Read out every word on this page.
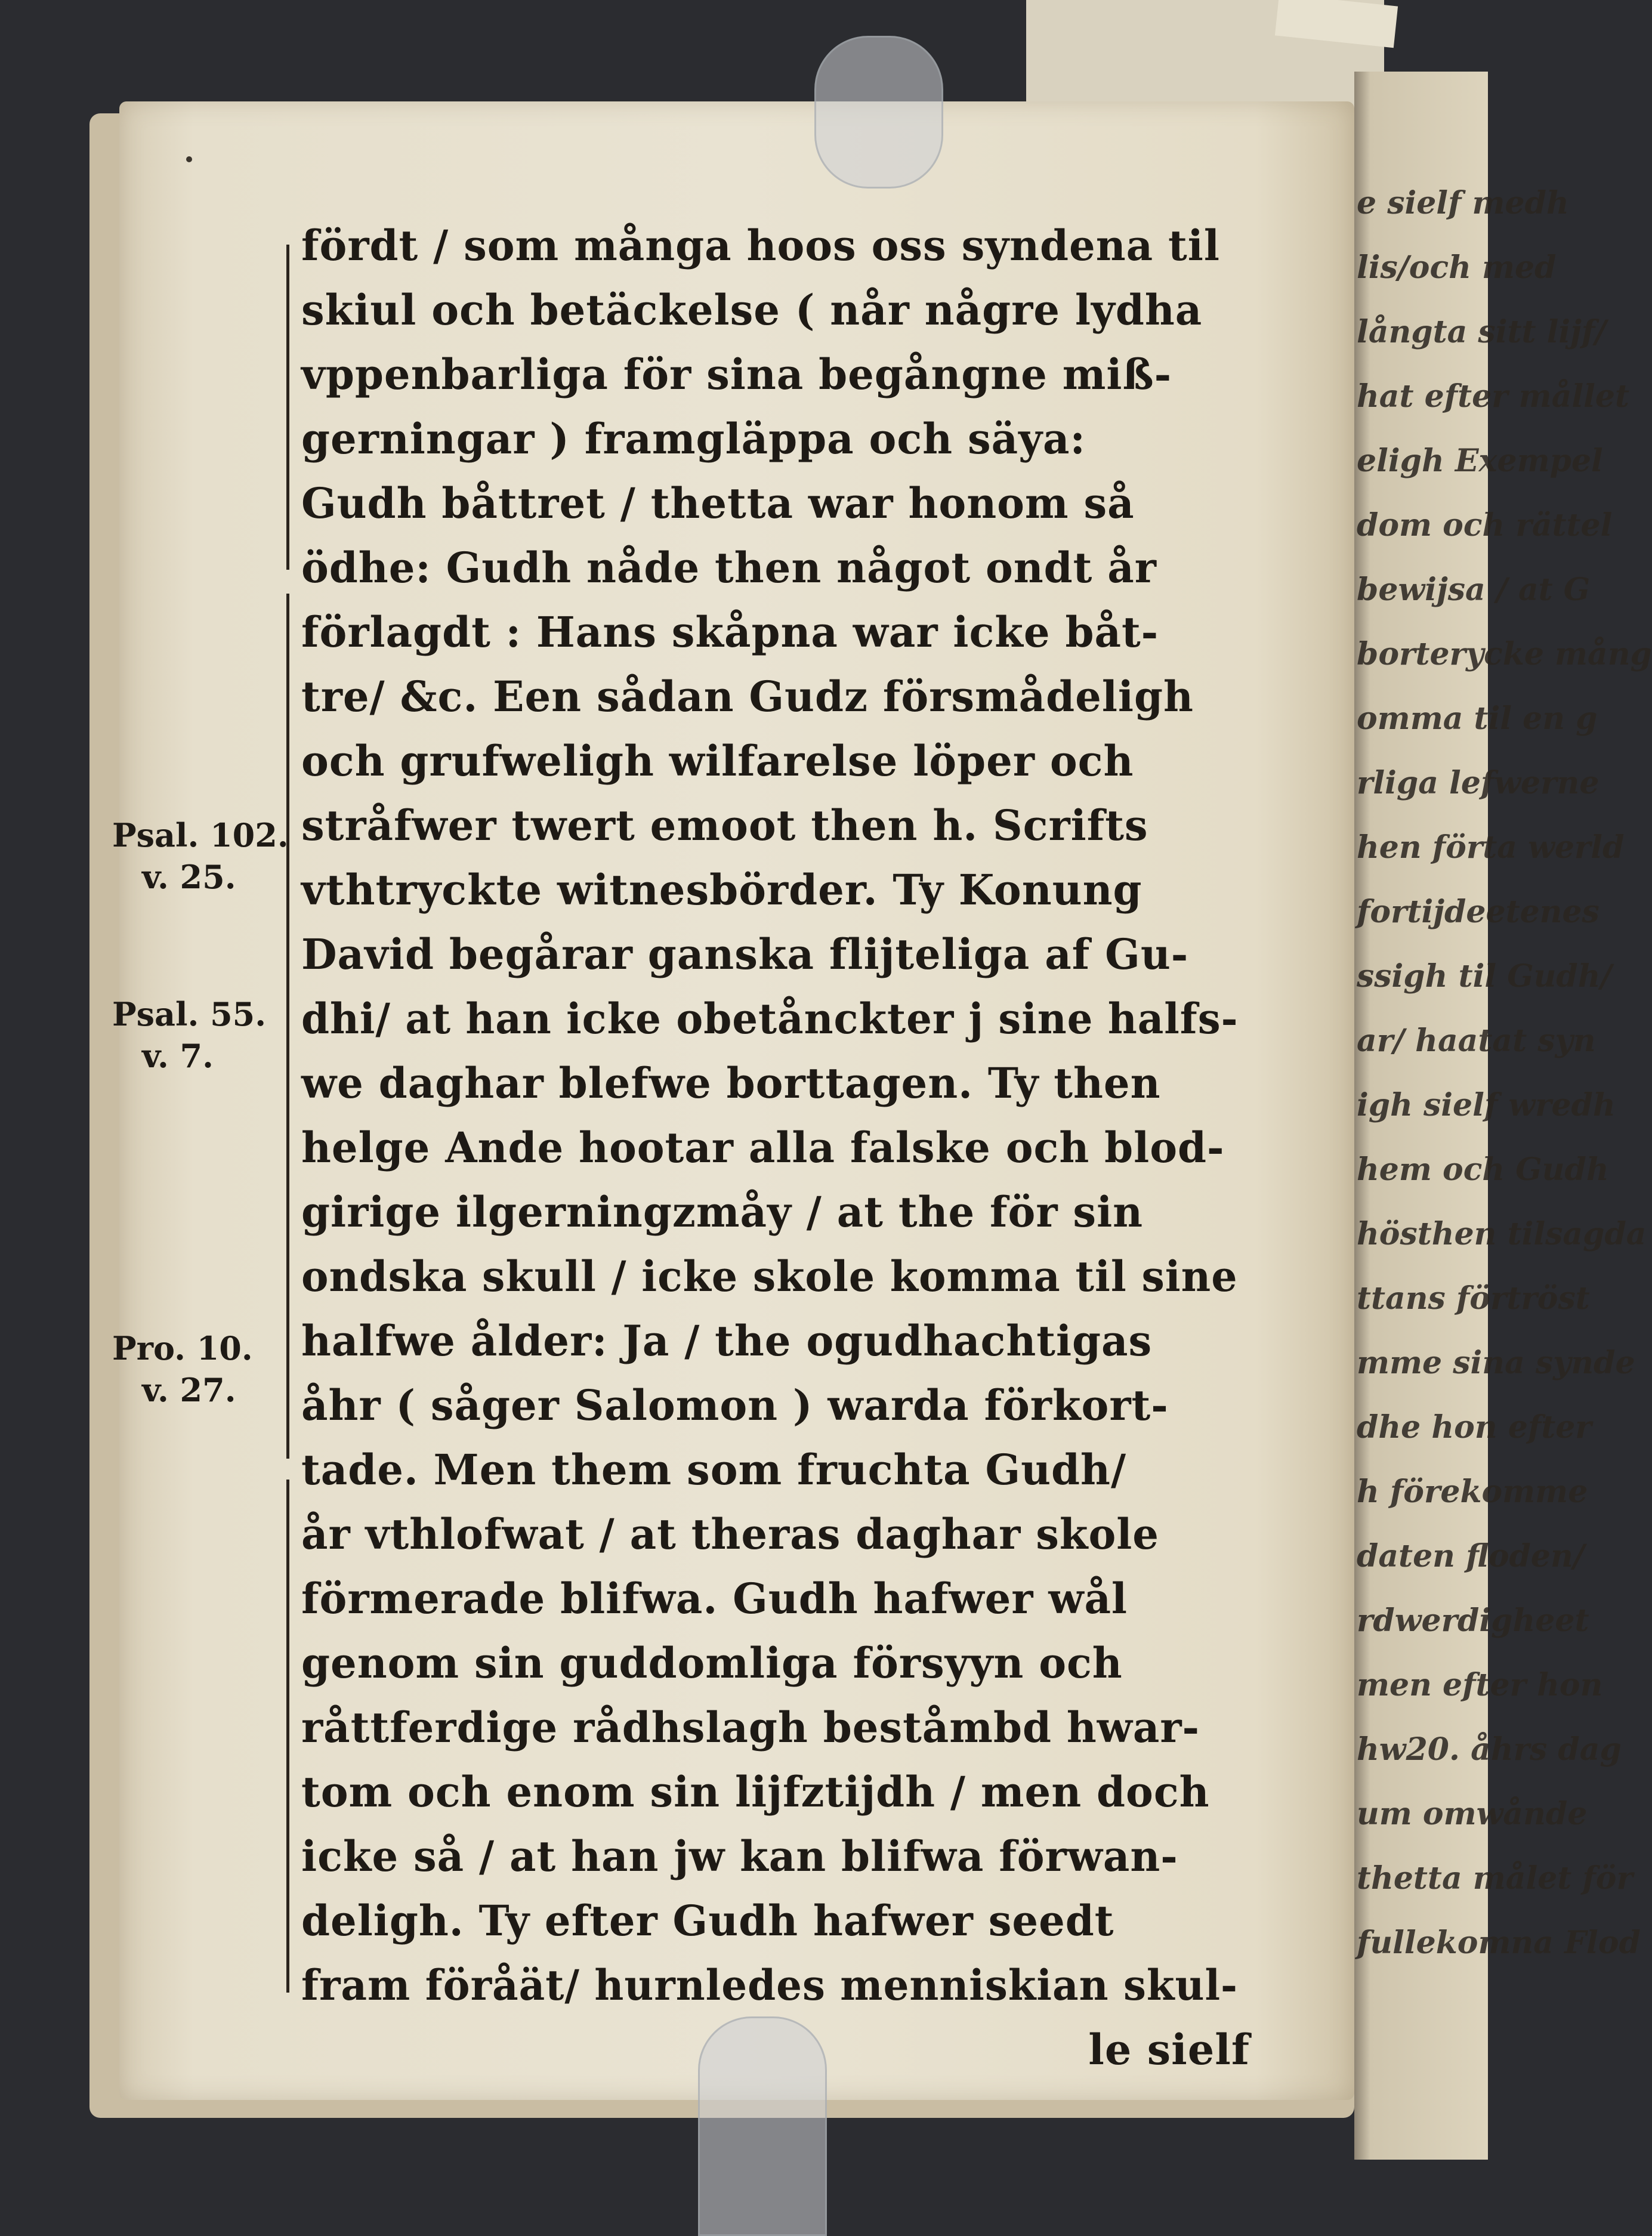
e sielf medh
lis/och med
långta sitt lijf/
hat efter mållet
eligh Exempel
dom och rättel
bewijsa / at G
borterycke mång
omma til en g
rliga lefwerne
hen förta werld
fortijdeetenes
ssigh til Gudh/
ar/ haatat syn
igh sielf wredh
hem och Gudh
hösthen tilsagda
ttans förtröst
mme sina synde
dhe hon efter
h förekomme
daten floden/
rdwerdigheet
men efter hon
hw20. åhrs dag
um omwånde
thetta målet för
fullekomna Flod
Psal. 102.
v. 25.
Psal. 55.
v. 7.
Pro. 10.
v. 27.
fördt / som många hoos oss syndena til
skiul och betäckelse ( når någre lydha
vppenbarliga för sina begångne miß-
gerningar ) framgläppa och säya:
Gudh båttret / thetta war honom så
ödhe: Gudh nåde then något ondt år
förlagdt : Hans skåpna war icke båt-
tre/ &c. Een sådan Gudz försmådeligh
och grufweligh wilfarelse löper och
stråfwer twert emoot then h. Scrifts
vthtryckte witnesbörder. Ty Konung
David begårar ganska flijteliga af Gu-
dhi/ at han icke obetånckter j sine halfs-
we daghar blefwe borttagen. Ty then
helge Ande hootar alla falske och blod-
girige ilgerningzmåy / at the för sin
ondska skull / icke skole komma til sine
halfwe ålder: Ja / the ogudhachtigas
åhr ( såger Salomon ) warda förkort-
tade. Men them som fruchta Gudh/
år vthlofwat / at theras daghar skole
förmerade blifwa. Gudh hafwer wål
genom sin guddomliga försyyn och
råttferdige rådhslagh beståmbd hwar-
tom och enom sin lijfztijdh / men doch
icke så / at han jw kan blifwa förwan-
deligh. Ty efter Gudh hafwer seedt
fram föråät/ hurnledes menniskian skul-
le sielf
